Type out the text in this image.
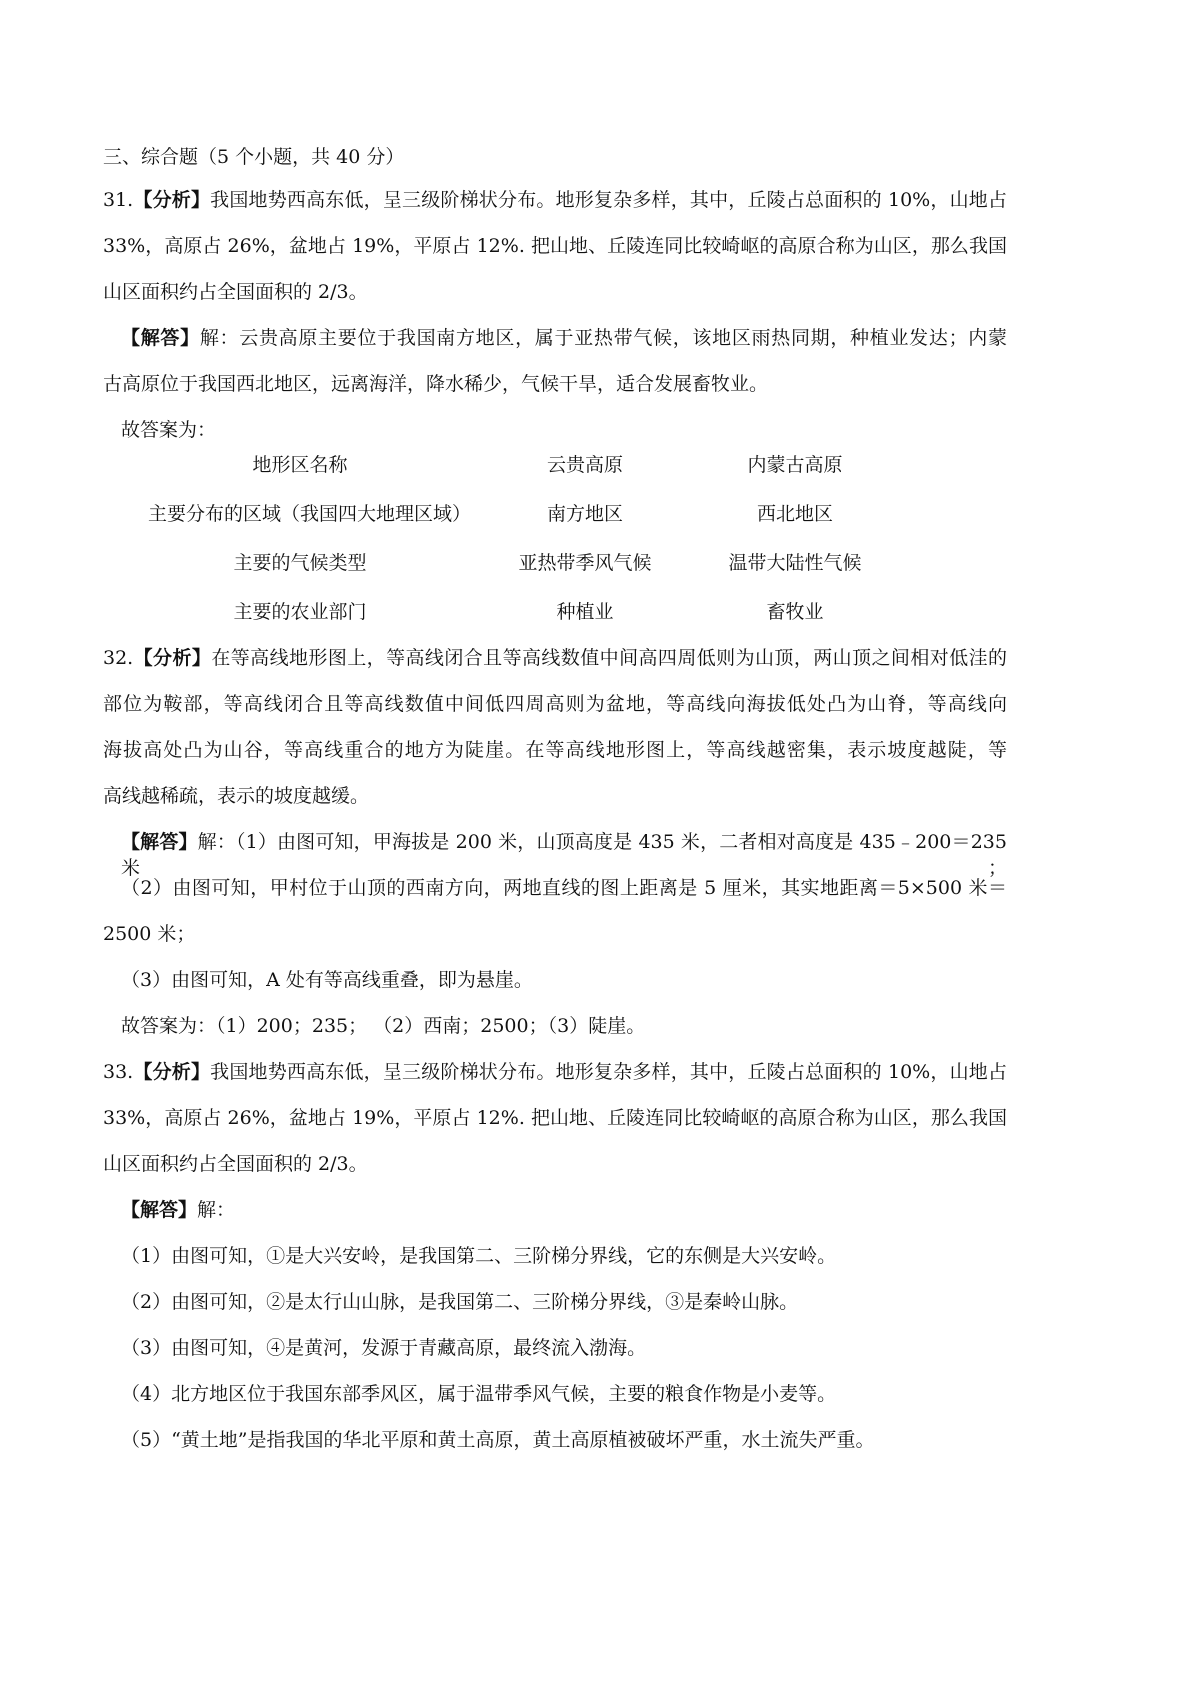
三、综合题（5 个小题，共 40 分）
31.【分析】我国地势西高东低，呈三级阶梯状分布。地形复杂多样，其中，丘陵占总面积的 10%，山地占
33%，高原占 26%，盆地占 19%，平原占 12%. 把山地、丘陵连同比较崎岖的高原合称为山区，那么我国
山区面积约占全国面积的 2/3。
【解答】解：云贵高原主要位于我国南方地区，属于亚热带气候，该地区雨热同期，种植业发达；内蒙
古高原位于我国西北地区，远离海洋，降水稀少，气候干旱，适合发展畜牧业。
故答案为：
地形区名称	云贵高原	内蒙古高原
主要分布的区域（我国四大地理区域）	南方地区	西北地区
主要的气候类型	亚热带季风气候	温带大陆性气候
主要的农业部门	种植业	畜牧业
32.【分析】在等高线地形图上，等高线闭合且等高线数值中间高四周低则为山顶，两山顶之间相对低洼的
部位为鞍部，等高线闭合且等高线数值中间低四周高则为盆地，等高线向海拔低处凸为山脊，等高线向
海拔高处凸为山谷，等高线重合的地方为陡崖。在等高线地形图上，等高线越密集，表示坡度越陡，等
高线越稀疏，表示的坡度越缓。
【解答】解：（1）由图可知，甲海拔是 200 米，山顶高度是 435 米，二者相对高度是 435﹣200＝235 米；
（2）由图可知，甲村位于山顶的西南方向，两地直线的图上距离是 5 厘米，其实地距离＝5×500 米＝
2500 米；
（3）由图可知，A 处有等高线重叠，即为悬崖。
故答案为：（1）200；235； （2）西南；2500；（3）陡崖。
33.【分析】我国地势西高东低，呈三级阶梯状分布。地形复杂多样，其中，丘陵占总面积的 10%，山地占
33%，高原占 26%，盆地占 19%，平原占 12%. 把山地、丘陵连同比较崎岖的高原合称为山区，那么我国
山区面积约占全国面积的 2/3。
【解答】解：
（1）由图可知，①是大兴安岭，是我国第二、三阶梯分界线，它的东侧是大兴安岭。
（2）由图可知，②是太行山山脉，是我国第二、三阶梯分界线，③是秦岭山脉。
（3）由图可知，④是黄河，发源于青藏高原，最终流入渤海。
（4）北方地区位于我国东部季风区，属于温带季风气候，主要的粮食作物是小麦等。
（5）“黄土地”是指我国的华北平原和黄土高原，黄土高原植被破坏严重，水土流失严重。
